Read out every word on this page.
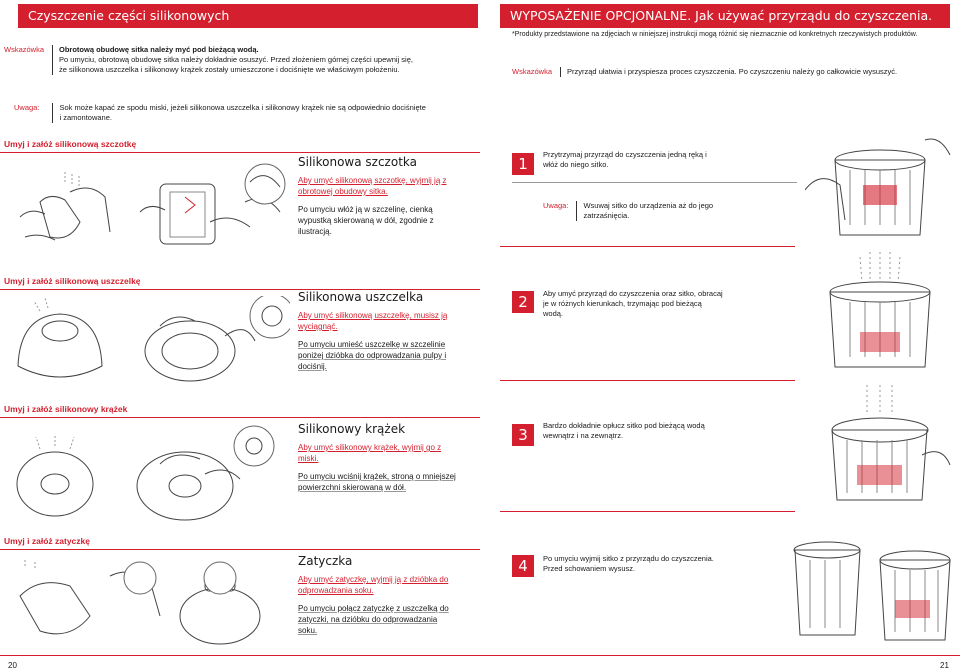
Czyszczenie części silikonowych
Wskazówka	Obrotową obudowę sitka należy myć pod bieżącą wodą.
Po umyciu, obrotową obudowę sitka należy dokładnie osuszyć. Przed złożeniem górnej części upewnij się,
że silikonowa uszczelka i silikonowy krążek zostały umieszczone i dociśnięte we właściwym położeniu.
Uwaga:	Sok może kapać ze spodu miski, jeżeli silikonowa uszczelka i silikonowy krążek nie są odpowiednio dociśnięte
i zamontowane.
Umyj i załóż silikonową szczotkę
Silikonowa szczotka
Aby umyć silikonową szczotkę, wyjmij ją z obrotowej obudowy sitka.
Po umyciu włóż ją w szczelinę, cienką wypustką skierowaną w dół, zgodnie z ilustracją.
Umyj i załóż silikonową uszczelkę
Silikonowa uszczelka
Aby umyć silikonową uszczelkę, musisz ją wyciągnąć.
Po umyciu umieść uszczelkę w szczelinie poniżej dzióbka do odprowadzania pulpy i dociśnij.
Umyj i załóż silikonowy krążek
Silikonowy krążek
Aby umyć silikonowy krążek, wyjmij go z miski.
Po umyciu wciśnij krążek, stroną o mniejszej powierzchni skierowaną w dół.
Umyj i załóż zatyczkę
Zatyczka
Aby umyć zatyczkę, wyjmij ją z dzióbka do odprowadzania soku.
Po umyciu połącz zatyczkę z uszczelką do zatyczki, na dzióbku do odprowadzania soku.
20
WYPOSAŻENIE OPCJONALNE. Jak używać przyrządu do czyszczenia.
*Produkty przedstawione na zdjęciach w niniejszej instrukcji mogą różnić się nieznacznie od konkretnych rzeczywistych produktów.
Wskazówka	Przyrząd ułatwia i przyspiesza proces czyszczenia. Po czyszczeniu należy go całkowicie wysuszyć.
1
Przytrzymaj przyrząd do czyszczenia jedną ręką i włóż do niego sitko.
Uwaga:	Wsuwaj sitko do urządzenia aż do jego zatrzaśnięcia.
2	Aby umyć przyrząd do czyszczenia oraz sitko, obracaj je w różnych kierunkach, trzymając pod bieżącą wodą.
3
Bardzo dokładnie opłucz sitko pod bieżącą wodą wewnątrz i na zewnątrz.
4	Po umyciu wyjmij sitko z przyrządu do czyszczenia. Przed schowaniem wysusz.
21
